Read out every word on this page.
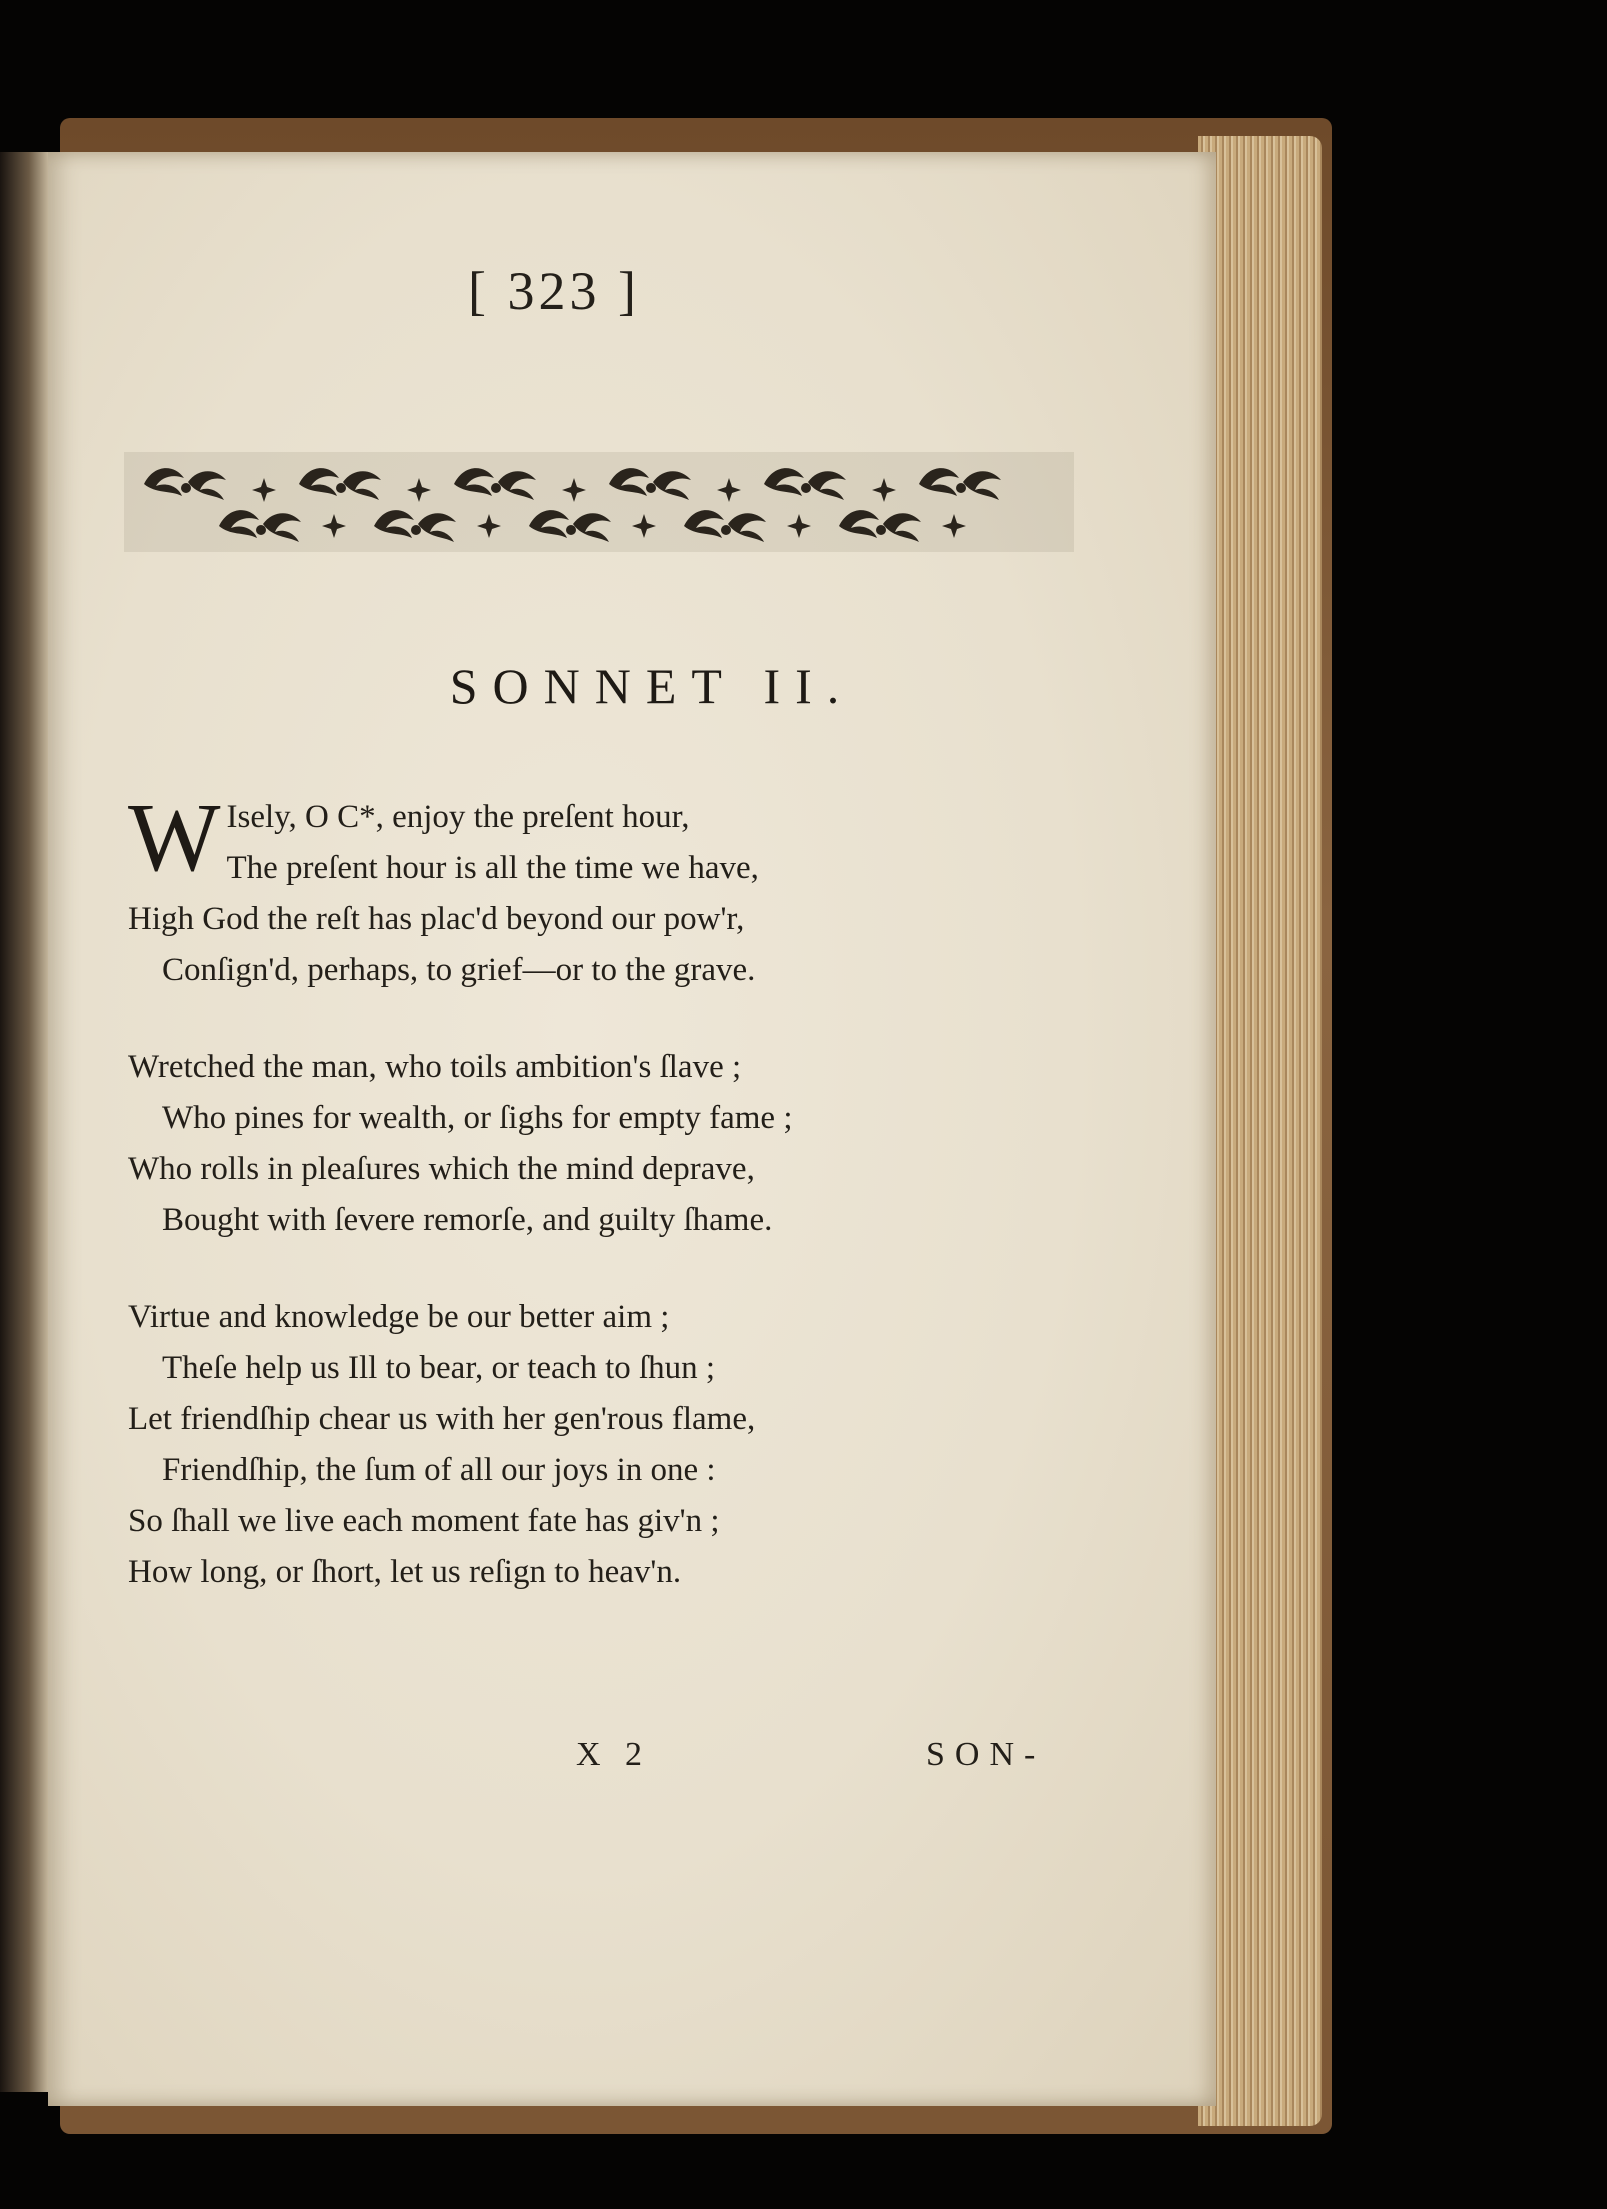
[ 323 ]
SONNET II.
W Isely, O C*, enjoy the preſent hour,
The preſent hour is all the time we have,
High God the reſt has plac'd beyond our pow'r,
Conſign'd, perhaps, to grief—or to the grave.
Wretched the man, who toils ambition's ſlave ;
Who pines for wealth, or ſighs for empty fame ;
Who rolls in pleaſures which the mind deprave,
Bought with ſevere remorſe, and guilty ſhame.
Virtue and knowledge be our better aim ;
Theſe help us Ill to bear, or teach to ſhun ;
Let friendſhip chear us with her gen'rous flame,
Friendſhip, the ſum of all our joys in one :
So ſhall we live each moment fate has giv'n ;
How long, or ſhort, let us reſign to heav'n.
X 2	SON-
